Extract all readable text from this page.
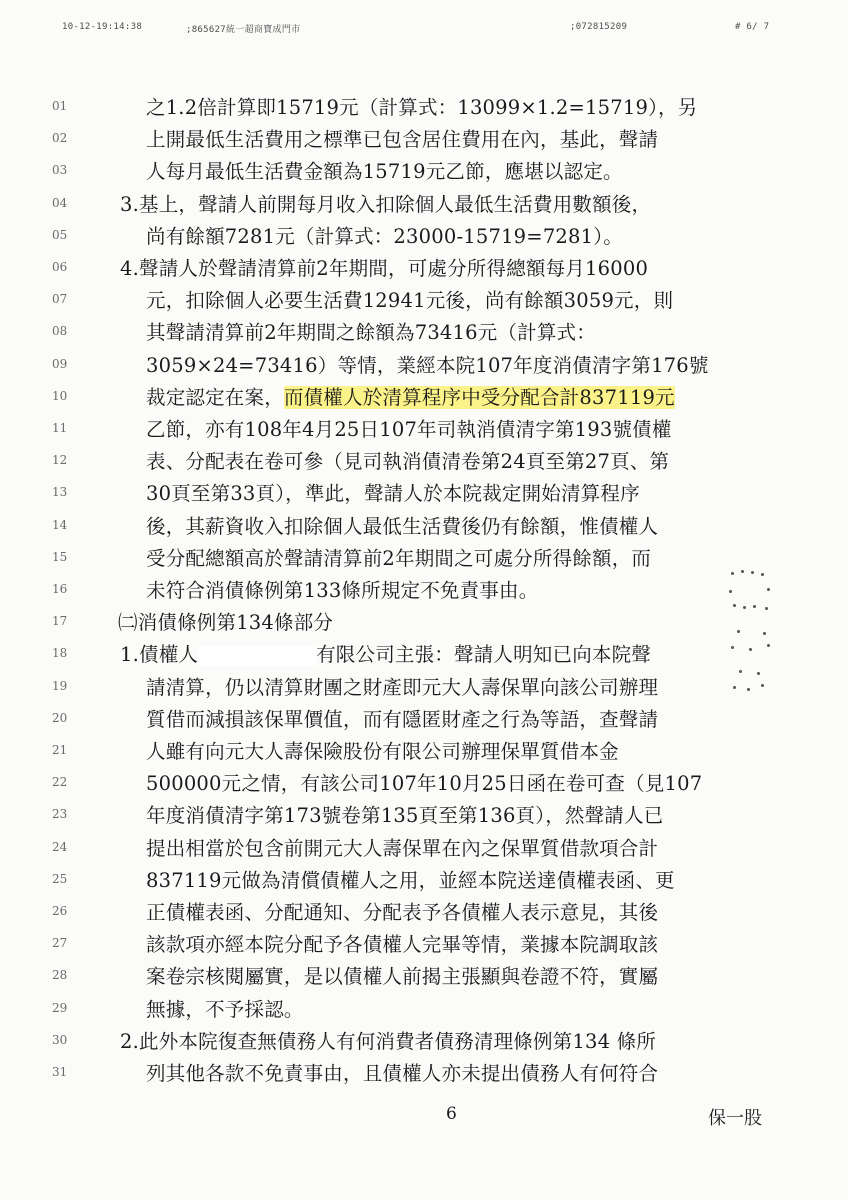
10-12-19:14:38	;865627統一超商寶成門市	;072815209	# 6/ 7
01	之1.2倍計算即15719元（計算式：13099×1.2=15719），另
02	上開最低生活費用之標準已包含居住費用在內，基此，聲請
03	人每月最低生活費金額為15719元乙節，應堪以認定。
04	3.基上，聲請人前開每月收入扣除個人最低生活費用數額後，
05	尚有餘額7281元（計算式：23000-15719=7281）。
06	4.聲請人於聲請清算前2年期間，可處分所得總額每月16000
07	元，扣除個人必要生活費12941元後，尚有餘額3059元，則
08	其聲請清算前2年期間之餘額為73416元（計算式：
09	3059×24=73416）等情，業經本院107年度消債清字第176號
10	裁定認定在案，而債權人於清算程序中受分配合計837119元
11	乙節，亦有108年4月25日107年司執消債清字第193號債權
12	表、分配表在卷可參（見司執消債清卷第24頁至第27頁、第
13	30頁至第33頁），準此，聲請人於本院裁定開始清算程序
14	後，其薪資收入扣除個人最低生活費後仍有餘額，惟債權人
15	受分配總額高於聲請清算前2年期間之可處分所得餘額，而
16	未符合消債條例第133條所規定不免責事由。
17	㈡消債條例第134條部分
18	1.債權人	有限公司主張：聲請人明知已向本院聲
19	請清算，仍以清算財團之財產即元大人壽保單向該公司辦理
20	質借而減損該保單價值，而有隱匿財產之行為等語，查聲請
21	人雖有向元大人壽保險股份有限公司辦理保單質借本金
22	500000元之情，有該公司107年10月25日函在卷可查（見107
23	年度消債清字第173號卷第135頁至第136頁），然聲請人已
24	提出相當於包含前開元大人壽保單在內之保單質借款項合計
25	837119元做為清償債權人之用，並經本院送達債權表函、更
26	正債權表函、分配通知、分配表予各債權人表示意見，其後
27	該款項亦經本院分配予各債權人完畢等情，業據本院調取該
28	案卷宗核閱屬實，是以債權人前揭主張顯與卷證不符，實屬
29	無據，不予採認。
30	2.此外本院復查無債務人有何消費者債務清理條例第134 條所
31	列其他各款不免責事由，且債權人亦未提出債務人有何符合
6	保一股
